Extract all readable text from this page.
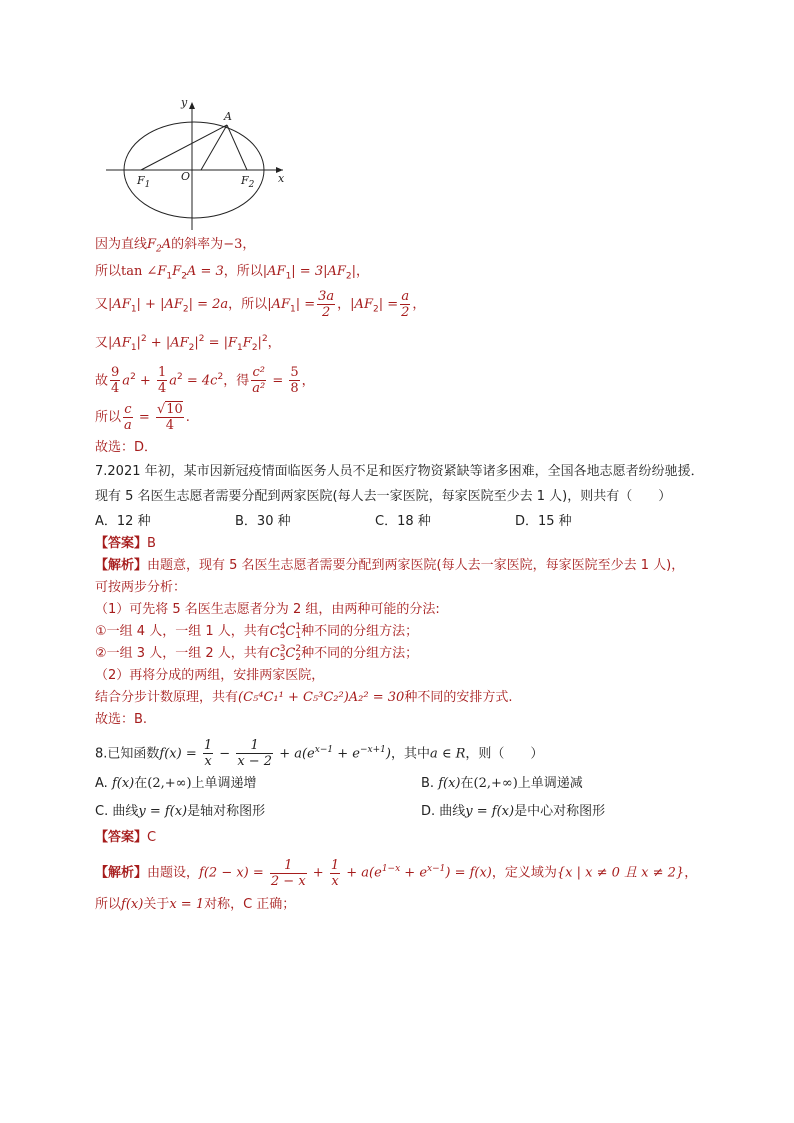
y
x
A
O
$F_1$	$F_2$

因为直线$F_2A$的斜率为−3，

所以$\tan \angle F_1F_2A = 3$，所以$|AF_1| = 3|AF_2|$，

又$|AF_1| + |AF_2| = 2a$，所以$|AF_1| = \frac{3a}{2}$ ，$|AF_2| = \frac{a}{2}$ ，

又$|AF_1|^2 + |AF_2|^2 = |F_1F_2|^2$，

故 $\frac{9}{4} a^2 + \frac{1}{4} a^2 = 4c^2$，得 $\frac{\text{c²}}{\text{a²}} = \frac{5}{8}$ ，

所以 $\frac{c}{a} = \frac{√10}{4}$ .

故选：D．

7.2021 年初，某市因新冠疫情面临医务人员不足和医疗物资紧缺等诸多困难，全国各地志愿者纷纷驰援．现有 5 名医生志愿者需要分配到两家医院(每人去一家医院，每家医院至少去 1 人)，则共有（　　）

A．12 种	B．30 种	C．18 种	D．15 种

【答案】B

【解析】由题意，现有 5 名医生志愿者需要分配到两家医院(每人去一家医院，每家医院至少去 1 人)，

可按两步分析：

（1）可先将 5 名医生志愿者分为 2 组，由两种可能的分法:

①一组 4 人，一组 1 人，共有C 4
5 C 1
1 种不同的分组方法；

②一组 3 人，一组 2 人，共有C 3
5 C 2
2 种不同的分组方法；

（2）再将分成的两组，安排两家医院，

结合分步计数原理，共有(C₅⁴C₁¹ + C₅³C₂²)A₂² = 30种不同的安排方式.

故选：B.

8.已知函数$f(x) = \frac{1}{x} - \frac{1}{x - 2} + a(e^{x-1} + e^{-x+1})$，其中a ∈ R，则（　　）

A. f(x)在(2,+∞)上单调递增	B. f(x)在(2,+∞)上单调递减

C. 曲线y = f(x)是轴对称图形	D. 曲线y = f(x)是中心对称图形

【答案】C

【解析】由题设，$f(2 - x) = \frac{1}{2 - x} + \frac{1}{x} + a(e^{1-x} + e^{x-1}) = f(x)$，定义域为{x | x ≠ 0 且 x ≠ 2}，

所以f(x)关于x = 1对称，C 正确；
